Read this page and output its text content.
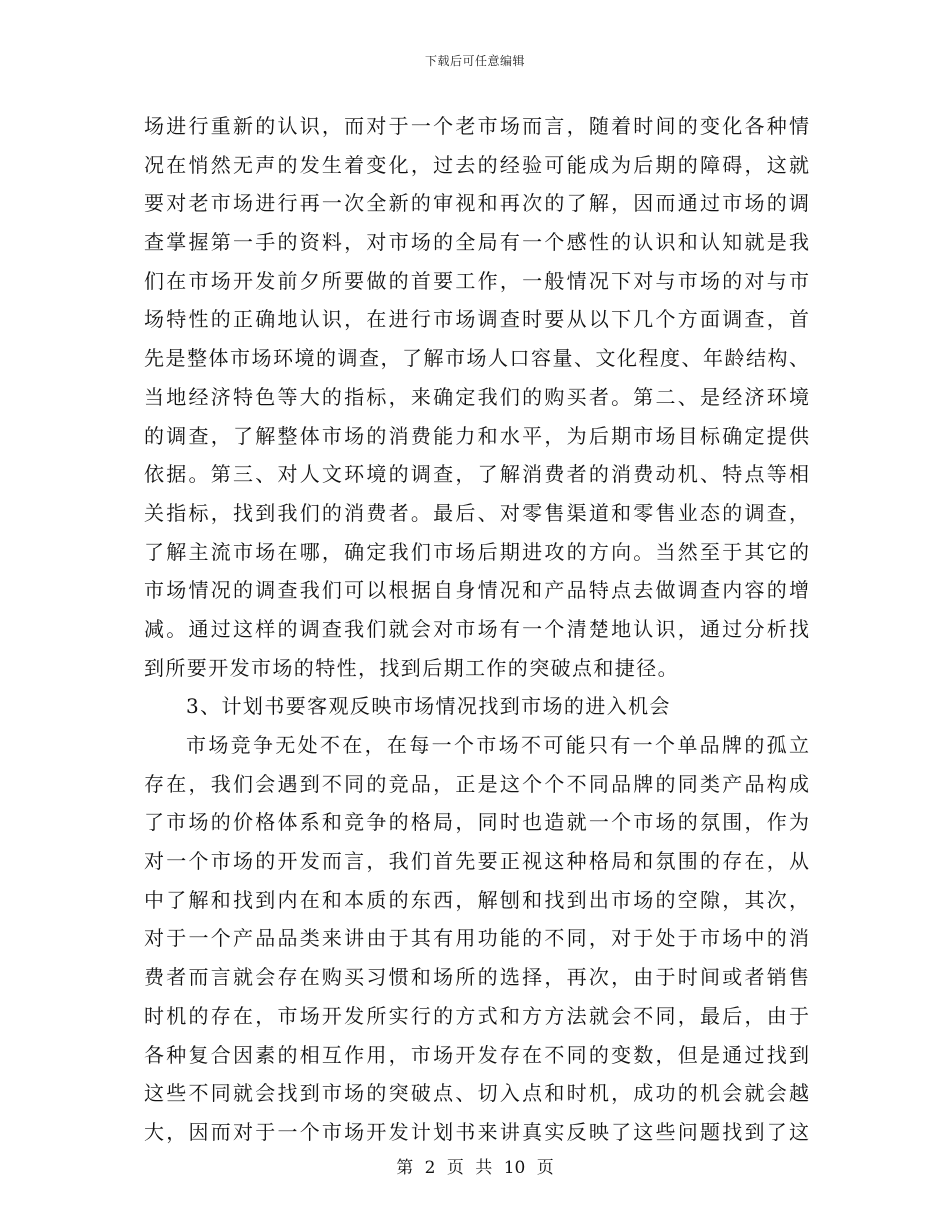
下载后可任意编辑
场进行重新的认识，而对于一个老市场而言，随着时间的变化各种情
况在悄然无声的发生着变化，过去的经验可能成为后期的障碍，这就
要对老市场进行再一次全新的审视和再次的了解，因而通过市场的调
查掌握第一手的资料，对市场的全局有一个感性的认识和认知就是我
们在市场开发前夕所要做的首要工作，一般情况下对与市场的对与市
场特性的正确地认识，在进行市场调查时要从以下几个方面调查，首
先是整体市场环境的调查，了解市场人口容量、文化程度、年龄结构、
当地经济特色等大的指标，来确定我们的购买者。第二、是经济环境
的调查，了解整体市场的消费能力和水平，为后期市场目标确定提供
依据。第三、对人文环境的调查，了解消费者的消费动机、特点等相
关指标，找到我们的消费者。最后、对零售渠道和零售业态的调查，
了解主流市场在哪，确定我们市场后期进攻的方向。当然至于其它的
市场情况的调查我们可以根据自身情况和产品特点去做调查内容的增
减。通过这样的调查我们就会对市场有一个清楚地认识，通过分析找
到所要开发市场的特性，找到后期工作的突破点和捷径。
3、计划书要客观反映市场情况找到市场的进入机会
市场竞争无处不在，在每一个市场不可能只有一个单品牌的孤立
存在，我们会遇到不同的竞品，正是这个个不同品牌的同类产品构成
了市场的价格体系和竞争的格局，同时也造就一个市场的氛围，作为
对一个市场的开发而言，我们首先要正视这种格局和氛围的存在，从
中了解和找到内在和本质的东西，解刨和找到出市场的空隙，其次，
对于一个产品品类来讲由于其有用功能的不同，对于处于市场中的消
费者而言就会存在购买习惯和场所的选择，再次，由于时间或者销售
时机的存在，市场开发所实行的方式和方方法就会不同，最后，由于
各种复合因素的相互作用，市场开发存在不同的变数，但是通过找到
这些不同就会找到市场的突破点、切入点和时机，成功的机会就会越
大，因而对于一个市场开发计划书来讲真实反映了这些问题找到了这
第 2 页 共 10 页
